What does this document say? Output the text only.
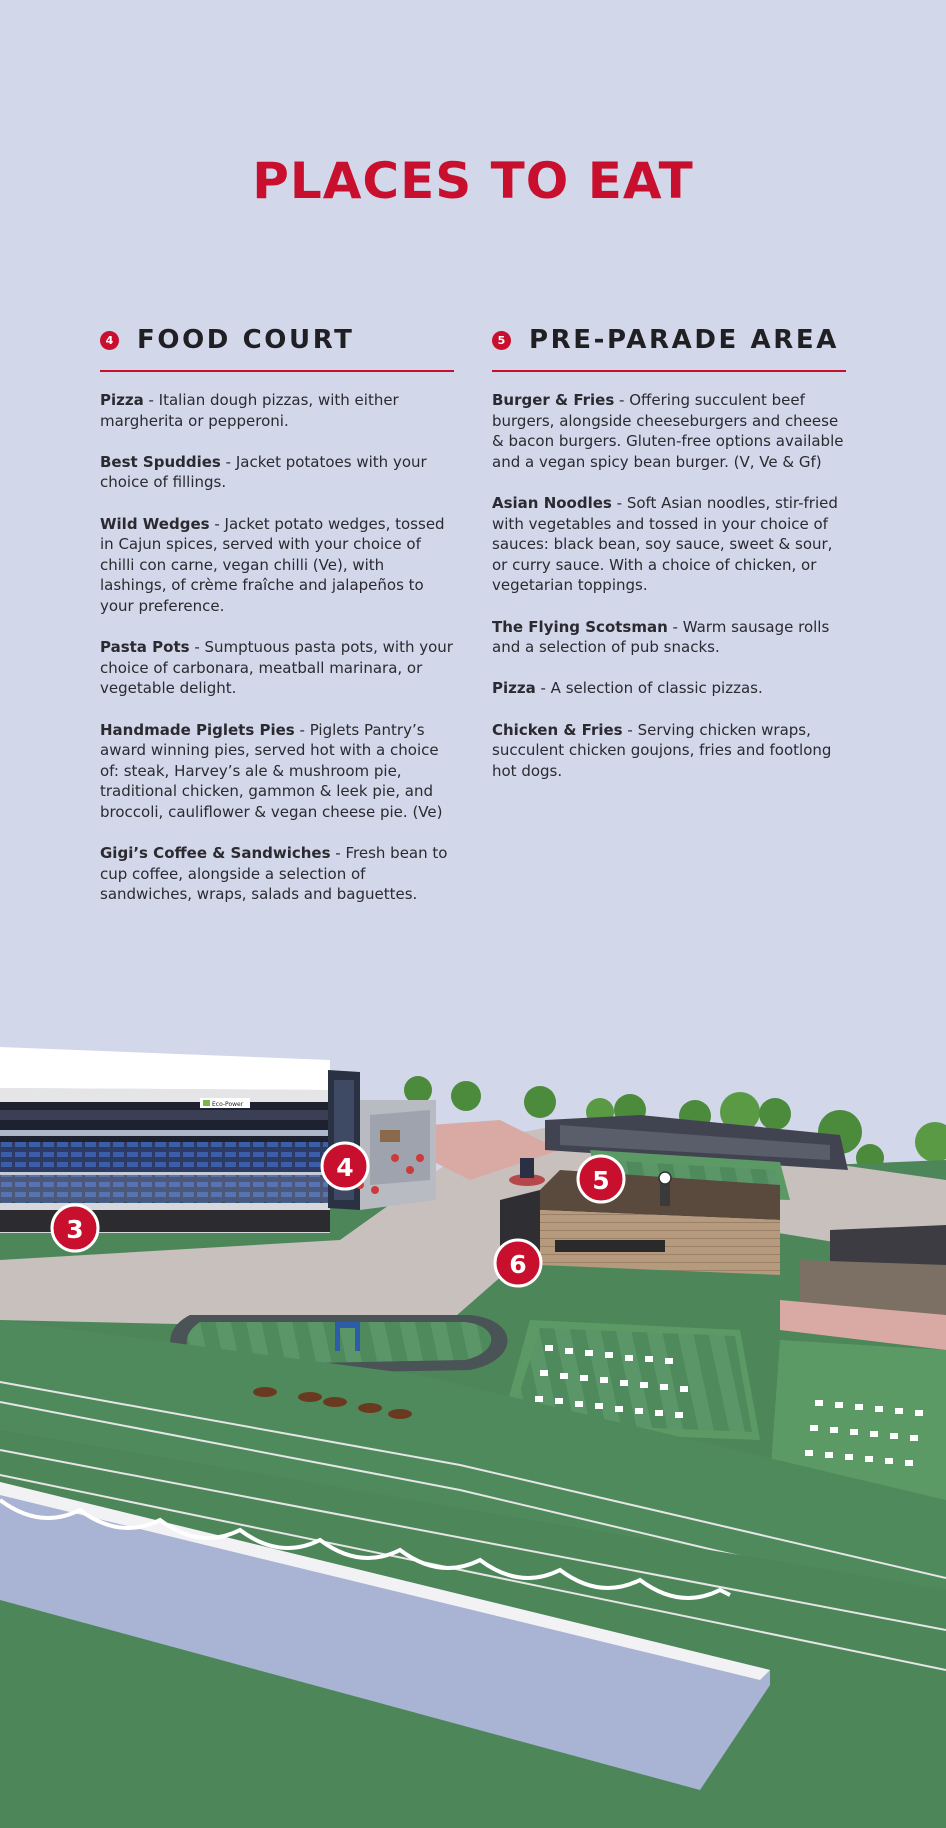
PLACES TO EAT
4 FOOD COURT

Pizza - Italian dough pizzas, with either margherita or pepperoni.

Best Spuddies - Jacket potatoes with your choice of fillings.

Wild Wedges - Jacket potato wedges, tossed in Cajun spices, served with your choice of chilli con carne, vegan chilli (Ve), with lashings, of crème fraîche and jalapeños to your preference.

Pasta Pots - Sumptuous pasta pots, with your choice of carbonara, meatball marinara, or vegetable delight.

Handmade Piglets Pies - Piglets Pantry’s award winning pies, served hot with a choice of: steak, Harvey’s ale & mushroom pie, traditional chicken, gammon & leek pie, and broccoli, cauliflower & vegan cheese pie. (Ve)

Gigi’s Coffee & Sandwiches - Fresh bean to cup coffee, alongside a selection of sandwiches, wraps, salads and baguettes.

5 PRE-PARADE AREA

Burger & Fries - Offering succulent beef burgers, alongside cheeseburgers and cheese & bacon burgers. Gluten-free options available and a vegan spicy bean burger. (V, Ve & Gf)

Asian Noodles - Soft Asian noodles, stir-fried with vegetables and tossed in your choice of sauces: black bean, soy sauce, sweet & sour, or curry sauce. With a choice of chicken, or vegetarian toppings.

The Flying Scotsman - Warm sausage rolls and a selection of pub snacks.

Pizza - A selection of classic pizzas.

Chicken & Fries - Serving chicken wraps, succulent chicken goujons, fries and footlong hot dogs.

Eco-Power
3
4	5
6
